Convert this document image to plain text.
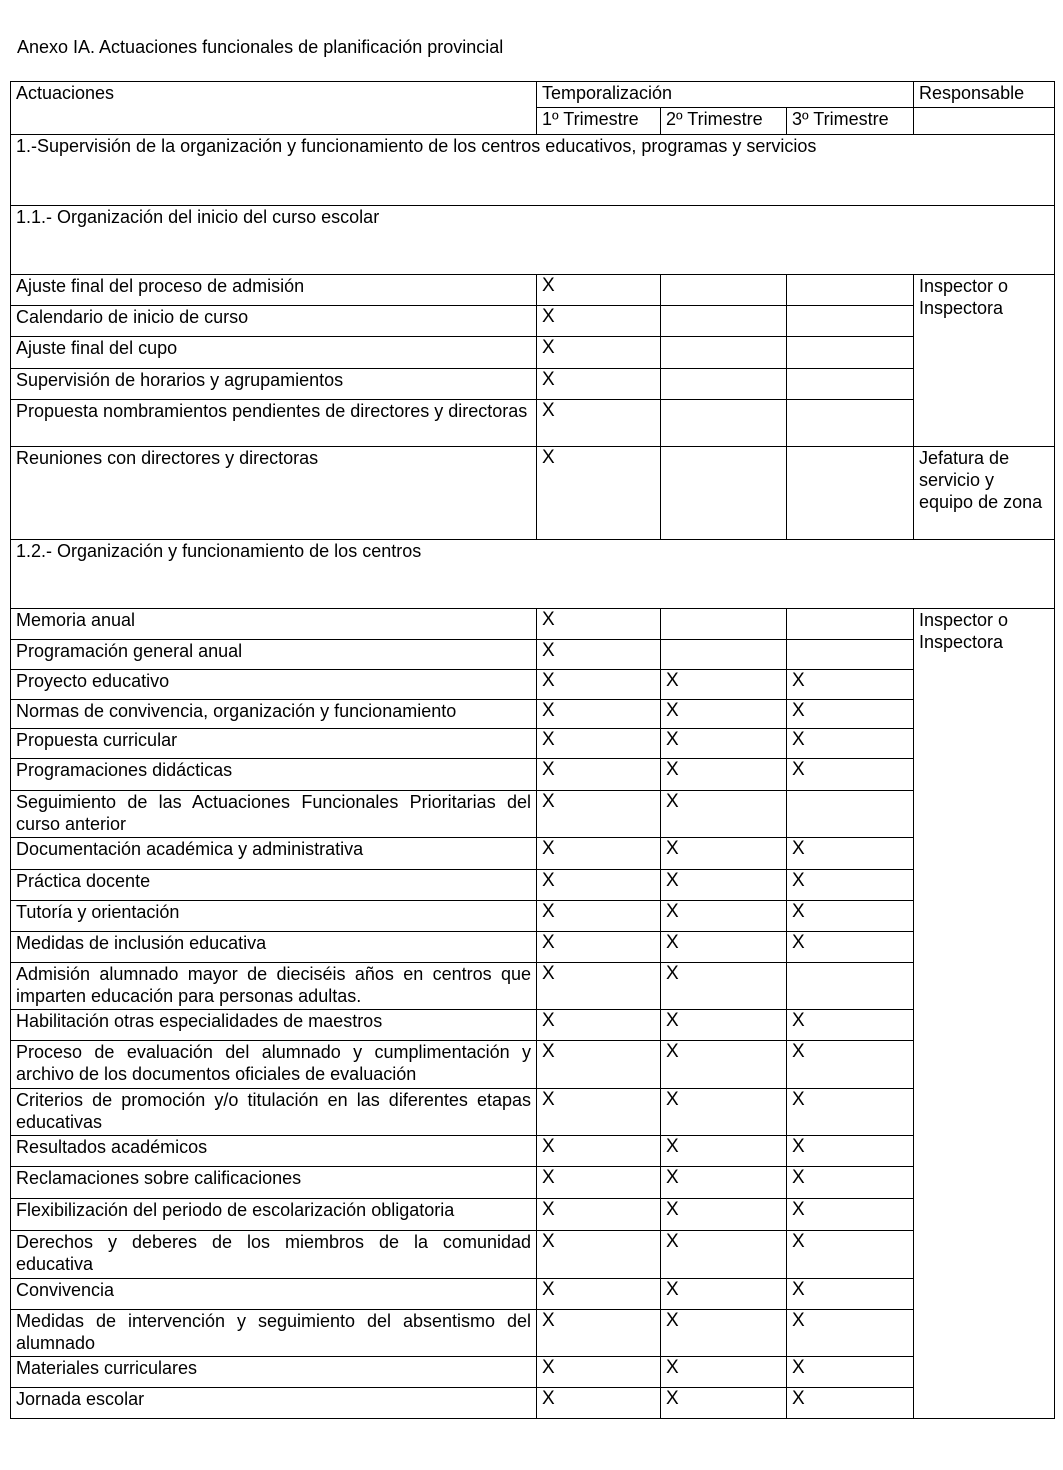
Anexo IA. Actuaciones funcionales de planificación provincial
Actuaciones	Temporalización			Responsable
	1º Trimestre	2º Trimestre	3º Trimestre	
1.-Supervisión de la organización y funcionamiento de los centros educativos, programas y servicios				
1.1.- Organización del inicio del curso escolar				
Ajuste final del proceso de admisión	X			Inspector o Inspectora
Calendario de inicio de curso	X			
Ajuste final del cupo	X			
Supervisión de horarios y agrupamientos	X			
Propuesta nombramientos pendientes de directores y directoras	X			
Reuniones con directores y directoras	X			Jefatura de servicio y equipo de zona
1.2.- Organización y funcionamiento de los centros				
Memoria anual	X			Inspector o Inspectora
Programación general anual	X			
Proyecto educativo	X	X	X	
Normas de convivencia, organización y funcionamiento	X	X	X	
Propuesta curricular	X	X	X	
Programaciones didácticas	X	X	X	
Seguimiento de las Actuaciones Funcionales Prioritarias del curso anterior	X	X		
Documentación académica y administrativa	X	X	X	
Práctica docente	X	X	X	
Tutoría y orientación	X	X	X	
Medidas de inclusión educativa	X	X	X	
Admisión alumnado mayor de dieciséis años en centros que imparten educación para personas adultas.	X	X		
Habilitación otras especialidades de maestros	X	X	X	
Proceso de evaluación del alumnado y cumplimentación y archivo de los documentos oficiales de evaluación	X	X	X	
Criterios de promoción y/o titulación en las diferentes etapas educativas	X	X	X	
Resultados académicos	X	X	X	
Reclamaciones sobre calificaciones	X	X	X	
Flexibilización del periodo de escolarización obligatoria	X	X	X	
Derechos y deberes de los miembros de la comunidad educativa	X	X	X	
Convivencia	X	X	X	
Medidas de intervención y seguimiento del absentismo del alumnado	X	X	X	
Materiales curriculares	X	X	X	
Jornada escolar	X	X	X	
